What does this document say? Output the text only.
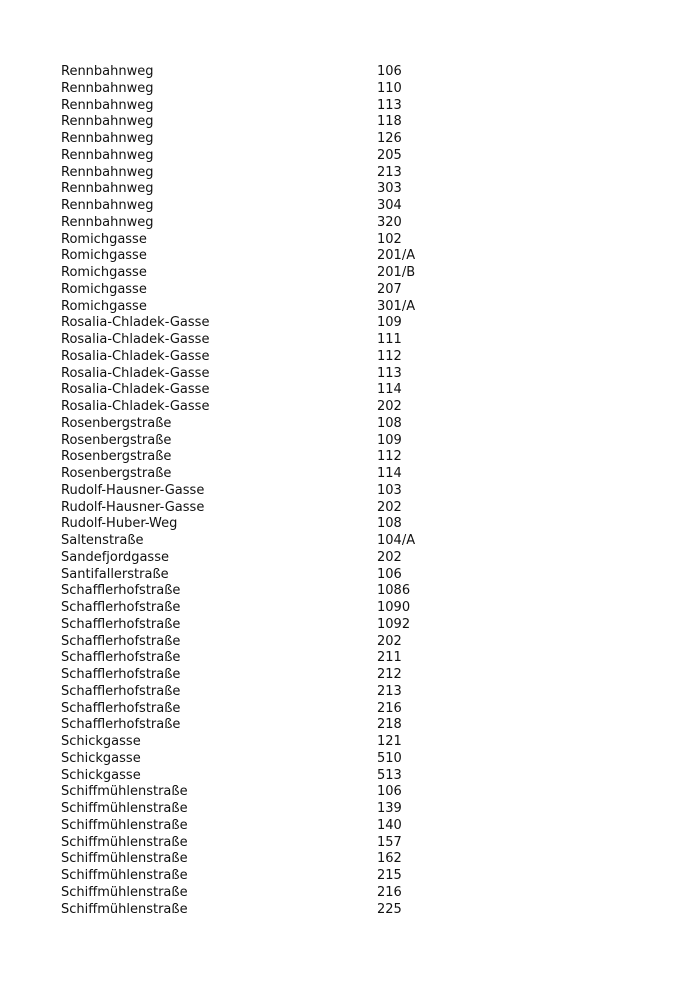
Rennbahnweg	106
Rennbahnweg	110
Rennbahnweg	113
Rennbahnweg	118
Rennbahnweg	126
Rennbahnweg	205
Rennbahnweg	213
Rennbahnweg	303
Rennbahnweg	304
Rennbahnweg	320
Romichgasse	102
Romichgasse	201/A
Romichgasse	201/B
Romichgasse	207
Romichgasse	301/A
Rosalia-Chladek-Gasse	109
Rosalia-Chladek-Gasse	111
Rosalia-Chladek-Gasse	112
Rosalia-Chladek-Gasse	113
Rosalia-Chladek-Gasse	114
Rosalia-Chladek-Gasse	202
Rosenbergstraße	108
Rosenbergstraße	109
Rosenbergstraße	112
Rosenbergstraße	114
Rudolf-Hausner-Gasse	103
Rudolf-Hausner-Gasse	202
Rudolf-Huber-Weg	108
Saltenstraße	104/A
Sandefjordgasse	202
Santifallerstraße	106
Schafflerhofstraße	1086
Schafflerhofstraße	1090
Schafflerhofstraße	1092
Schafflerhofstraße	202
Schafflerhofstraße	211
Schafflerhofstraße	212
Schafflerhofstraße	213
Schafflerhofstraße	216
Schafflerhofstraße	218
Schickgasse	121
Schickgasse	510
Schickgasse	513
Schiffmühlenstraße	106
Schiffmühlenstraße	139
Schiffmühlenstraße	140
Schiffmühlenstraße	157
Schiffmühlenstraße	162
Schiffmühlenstraße	215
Schiffmühlenstraße	216
Schiffmühlenstraße	225
